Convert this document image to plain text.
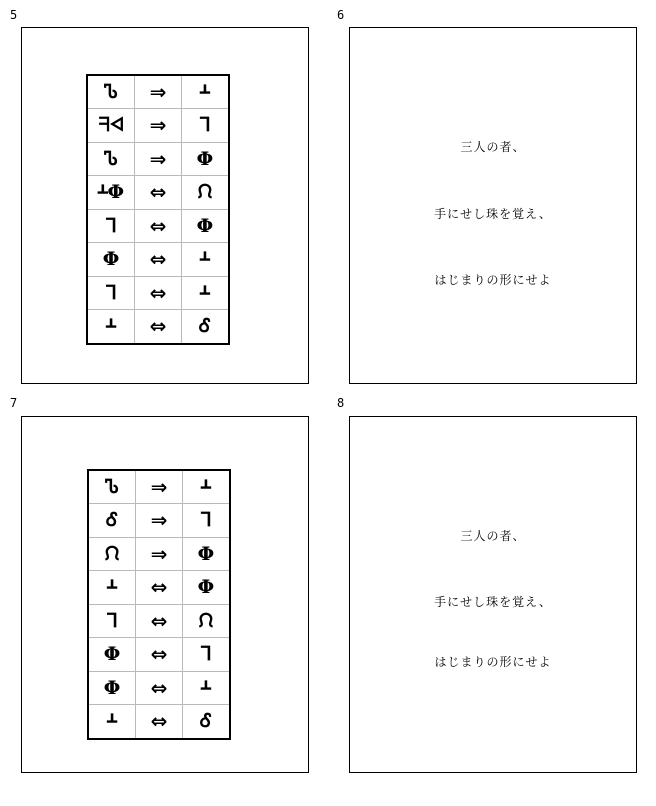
5
Ꮦ	⇒	ᚆ
ᖷᐊ	⇒	ᒣ
Ꮦ	⇒	Φ
ᚆΦ	⇔	ᙁ
ᒣ	⇔	Φ
Φ	⇔	ᚆ
ᒣ	⇔	ᚆ
ᚆ	⇔	Ꮄ
6

三人の者、

手にせし珠を覚え、

はじまりの形にせよ

7
Ꮦ	⇒	ᚆ
Ꮄ	⇒	ᒣ
ᙁ	⇒	Φ
ᚆ	⇔	Φ
ᒣ	⇔	ᙁ
Φ	⇔	ᒣ
Φ	⇔	ᚆ
ᚆ	⇔	Ꮄ
8

三人の者、

手にせし珠を覚え、

はじまりの形にせよ
